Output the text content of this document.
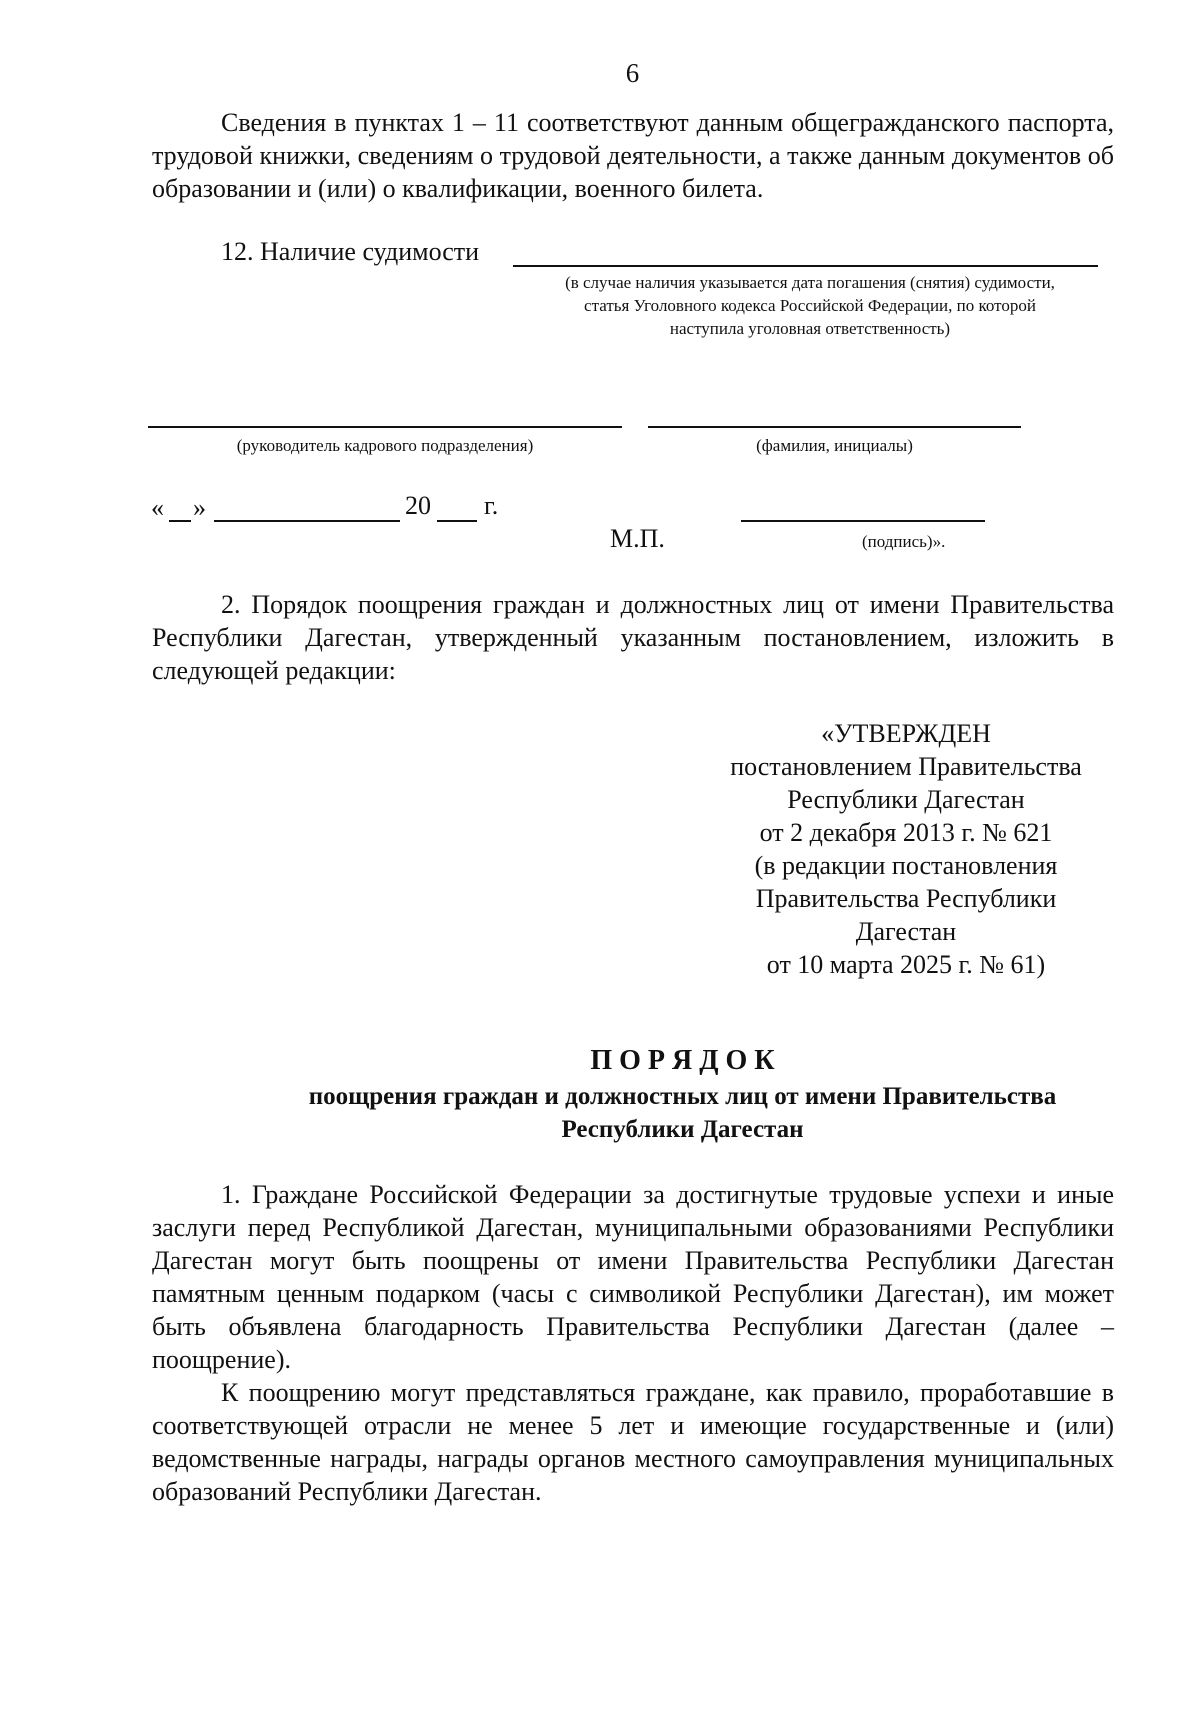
6

Сведения в пунктах 1 – 11 соответствуют данным общегражданского паспорта, трудовой книжки, сведениям о трудовой деятельности, а также данным документов об образовании и (или) о квалификации, военного билета.

12. Наличие судимости
(в случае наличия указывается дата погашения (снятия) судимости, статья Уголовного кодекса Российской Федерации, по которой наступила уголовная ответственность)
(руководитель кадрового подразделения)	(фамилия, инициалы)
« »	20 г.
М.П.	(подпись)».

2. Порядок поощрения граждан и должностных лиц от имени Правительства Республики Дагестан, утвержденный указанным постановлением, изложить в следующей редакции:

«УТВЕРЖДЕН
постановлением Правительства
Республики Дагестан
от 2 декабря 2013 г. № 621
(в редакции постановления
Правительства Республики
Дагестан
от 10 марта 2025 г. № 61)
П О Р Я Д О К
поощрения граждан и должностных лиц от имени Правительства
Республики Дагестан

1. Граждане Российской Федерации за достигнутые трудовые успехи и иные заслуги перед Республикой Дагестан, муниципальными образованиями Республики Дагестан могут быть поощрены от имени Правительства Республики Дагестан памятным ценным подарком (часы с символикой Республики Дагестан), им может быть объявлена благодарность Правительства Республики Дагестан (далее – поощрение).

К поощрению могут представляться граждане, как правило, проработавшие в соответствующей отрасли не менее 5 лет и имеющие государственные и (или) ведомственные награды, награды органов местного самоуправления муниципальных образований Республики Дагестан.
